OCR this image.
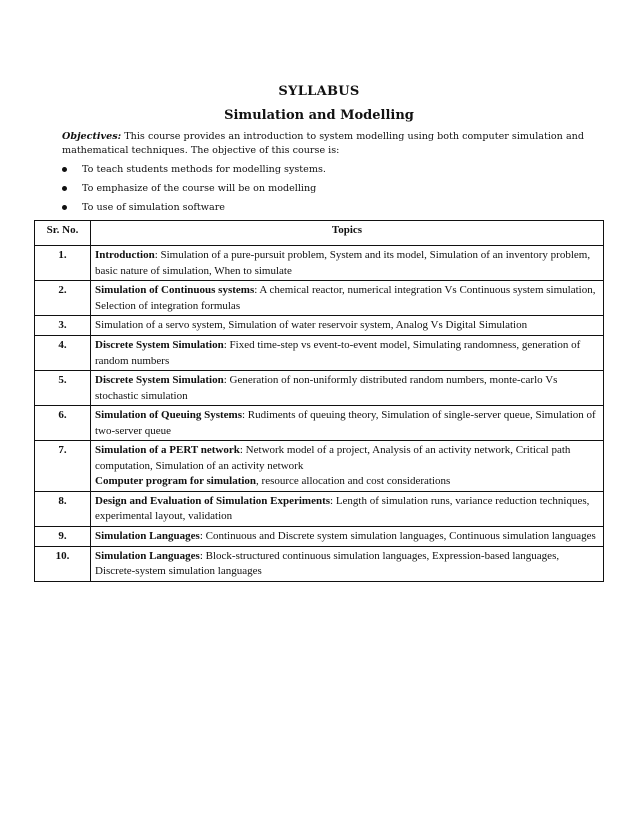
SYLLABUS
Simulation and Modelling
Objectives: This course provides an introduction to system modelling using both computer simulation and mathematical techniques. The objective of this course is:
To teach students methods for modelling systems.
To emphasize of the course will be on modelling
To use of simulation software
Sr. No.	Topics
1.	Introduction: Simulation of a pure-pursuit problem, System and its model, Simulation of an inventory problem, basic nature of simulation, When to simulate

2.	Simulation of Continuous systems: A chemical reactor, numerical integration Vs Continuous system simulation, Selection of integration formulas

3.	Simulation of a servo system, Simulation of water reservoir system, Analog Vs Digital Simulation

4.	Discrete System Simulation: Fixed time-step vs event-to-event model, Simulating randomness, generation of random numbers

5.	Discrete System Simulation: Generation of non-uniformly distributed random numbers, monte-carlo Vs stochastic simulation

6.	Simulation of Queuing Systems: Rudiments of queuing theory, Simulation of single-server queue, Simulation of two-server queue

7.	Simulation of a PERT network: Network model of a project, Analysis of an activity network, Critical path computation, Simulation of an activity network
Computer program for simulation, resource allocation and cost considerations

8.	Design and Evaluation of Simulation Experiments: Length of simulation runs, variance reduction techniques, experimental layout, validation

9.	Simulation Languages: Continuous and Discrete system simulation languages, Continuous simulation languages

10.	Simulation Languages: Block-structured continuous simulation languages, Expression-based languages, Discrete-system simulation languages
